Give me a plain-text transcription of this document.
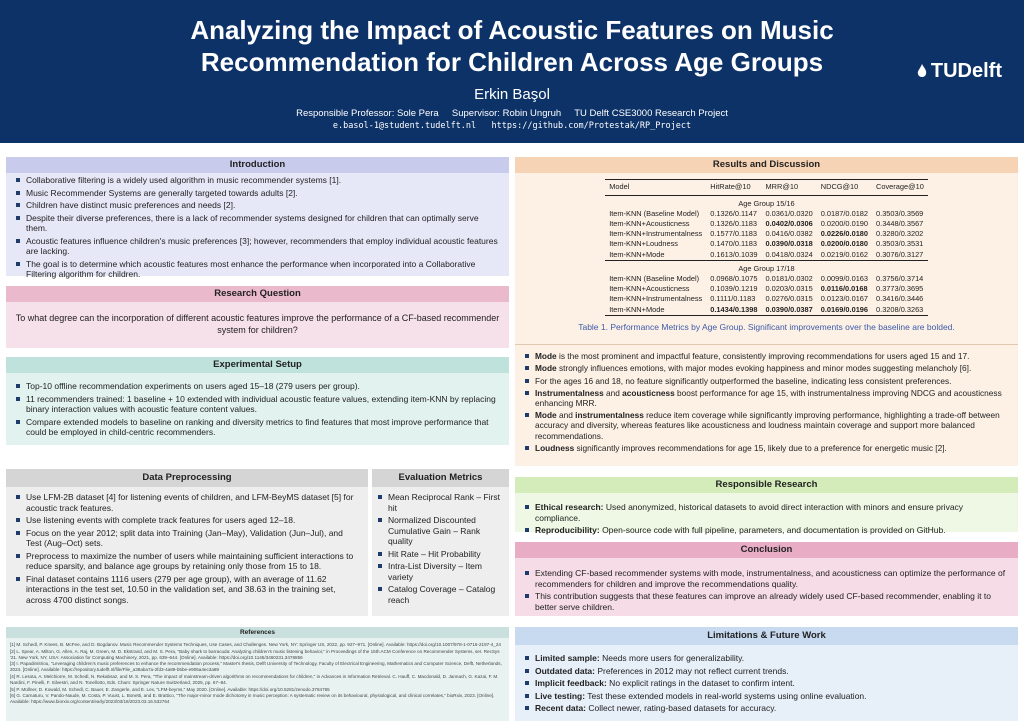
Analyzing the Impact of Acoustic Features on Music
Recommendation for Children Across Age Groups
Erkin Başol
Responsible Professor: Sole Pera     Supervisor: Robin Ungruh     TU Delft CSE3000 Research Project
e.basol-1@student.tudelft.nl   https://github.com/Protestak/RP_Project
TUDelft
Introduction
Collaborative filtering is a widely used algorithm in music recommender systems [1].
Music Recommender Systems are generally targeted towards adults [2].
Children have distinct music preferences and needs [2].
Despite their diverse preferences, there is a lack of recommender systems designed for children that can optimally serve them.
Acoustic features influence children's music preferences [3]; however, recommenders that employ individual acoustic features are lacking.
The goal is to determine which acoustic features most enhance the performance when incorporated into a Collaborative Filtering algorithm for children.
Research Question
To what degree can the incorporation of different acoustic features improve the performance of a CF-based recommender system for children?
Experimental Setup
Top-10 offline recommendation experiments on users aged 15–18 (279 users per group).
11 recommenders trained: 1 baseline + 10 extended with individual acoustic feature values, extending item-KNN by replacing binary interaction values with acoustic feature content values.
Compare extended models to baseline on ranking and diversity metrics to find features that most improve performance that could be employed in child-centric recommenders.
Data Preprocessing
Use LFM-2B dataset [4] for listening events of children, and LFM-BeyMS dataset [5] for acoustic track features.
Use listening events with complete track features for users aged 12–18.
Focus on the year 2012; split data into Training (Jan–May), Validation (Jun–Jul), and Test (Aug–Oct) sets.
Preprocess to maximize the number of users while maintaining sufficient interactions to reduce sparsity, and balance age groups by retaining only those from 15 to 18.
Final dataset contains 1116 users (279 per age group), with an average of 11.62 interactions in the test set, 10.50 in the validation set, and 38.63 in the training set, across 4700 distinct songs.
Evaluation Metrics
Mean Reciprocal Rank – First hit
Normalized Discounted Cumulative Gain – Rank quality
Hit Rate – Hit Probability
Intra-List Diversity – Item variety
Catalog Coverage – Catalog reach
References

[1] M. Schedl, P. Knees, B. McFee, and D. Bogdanov. Music Recommender Systems Techniques, Use Cases, and Challenges. New York, NY: Springer US, 2022, pp. 927–971. [Online]. Available: https://doi.org/10.1007/978-1-0716-2197-4_24

[2] L. Spear, A. Milton, G. Allen, A. Raj, M. Green, M. D. Ekstrand, and M. S. Pera, "Baby shark to barracuda: Analyzing children's music listening behavior," in Proceedings of the 15th ACM Conference on Recommender Systems, ser. RecSys '21. New York, NY, USA: Association for Computing Machinery, 2021, pp. 639–644. [Online]. Available: https://doi.org/10.1145/3460231.3478856

[3] I. Papadimitriou, "Leveraging children's music preferences to enhance the recommendation process," Master's thesis, Delft University of Technology, Faculty of Electrical Engineering, Mathematics and Computer Science, Delft, Netherlands, 2024. [Online]. Available: https://repository.tudelft.nl/file/File_a38aba7a-2fd3-4a89-b5be-e905a4ec3a89

[4] R. Lesota, A. Melchiorre, M. Schedl, N. Rekabsaz, and M. S. Pera, "The impact of mainstream-driven algorithms on recommendations for children," in Advances in Information Retrieval. C. Hauff, C. Macdonald, D. Jannach, G. Kazai, F. M. Nardini, F. Pinelli, F. Silvestri, and N. Tonellotto, Eds. Cham: Springer Nature Switzerland, 2025, pp. 67–84.

[5] P. Müllner, D. Kowald, M. Schedl, C. Bauer, E. Zangerle, and E. Lex, "LFM-beyms," May 2020. [Online]. Available: https://doi.org/10.5281/zenodo.3784765

[6] G. Carnaturu, V. Pando-Naude, M. Costa, P. Vuust, L. Bonetti, and E. Brattico, "The major-minor mode dichotomy in music perception: A systematic review on its behavioural, physiological, and clinical correlates," bioRxiv, 2023. [Online]. Available: https://www.biorxiv.org/content/early/2023/03/18/2023.03.16.532764

Results and Discussion
Model	HitRate@10	MRR@10	NDCG@10	Coverage@10
Age Group 15/16				
Item-KNN (Baseline Model)	0.1326/0.1147	0.0361/0.0320	0.0187/0.0182	0.3503/0.3569
Item-KNN+Acousticness	0.1326/0.1183	0.0402/0.0306	0.0200/0.0190	0.3448/0.3567
Item-KNN+Instrumentalness	0.1577/0.1183	0.0416/0.0382	0.0226/0.0180	0.3280/0.3202
Item-KNN+Loudness	0.1470/0.1183	0.0390/0.0318	0.0200/0.0180	0.3503/0.3531
Item-KNN+Mode	0.1613/0.1039	0.0418/0.0324	0.0219/0.0162	0.3076/0.3127
Age Group 17/18				
Item-KNN (Baseline Model)	0.0968/0.1075	0.0181/0.0302	0.0099/0.0163	0.3756/0.3714
Item-KNN+Acousticness	0.1039/0.1219	0.0203/0.0315	0.0116/0.0168	0.3773/0.3695
Item-KNN+Instrumentalness	0.1111/0.1183	0.0276/0.0315	0.0123/0.0167	0.3416/0.3446
Item-KNN+Mode	0.1434/0.1398	0.0390/0.0387	0.0169/0.0196	0.3208/0.3263
Table 1. Performance Metrics by Age Group. Significant improvements over the baseline are bolded.
Mode is the most prominent and impactful feature, consistently improving recommendations for users aged 15 and 17.
Mode strongly influences emotions, with major modes evoking happiness and minor modes suggesting melancholy [6].
For the ages 16 and 18, no feature significantly outperformed the baseline, indicating less consistent preferences.
Instrumentalness and acousticness boost performance for age 15, with instrumentalness improving NDCG and acousticness enhancing MRR.
Mode and instrumentalness reduce item coverage while significantly improving performance, highlighting a trade-off between accuracy and diversity, whereas features like acousticness and loudness maintain coverage and support more balanced recommendations.
Loudness significantly improves recommendations for age 15, likely due to a preference for energetic music [2].
Responsible Research
Ethical research: Used anonymized, historical datasets to avoid direct interaction with minors and ensure privacy compliance.
Reproducibility: Open-source code with full pipeline, parameters, and documentation is provided on GitHub.
Conclusion
Extending CF-based recommender systems with mode, instrumentalness, and acousticness can optimize the performance of recommenders for children and improve the recommendations quality.
This contribution suggests that these features can improve an already widely used CF-based recommender, enabling it to better serve children.
Limitations & Future Work
Limited sample: Needs more users for generalizability.
Outdated data: Preferences in 2012 may not reflect current trends.
Implicit feedback: No explicit ratings in the dataset to confirm intent.
Live testing: Test these extended models in real-world systems using online evaluation.
Recent data: Collect newer, rating-based datasets for accuracy.
